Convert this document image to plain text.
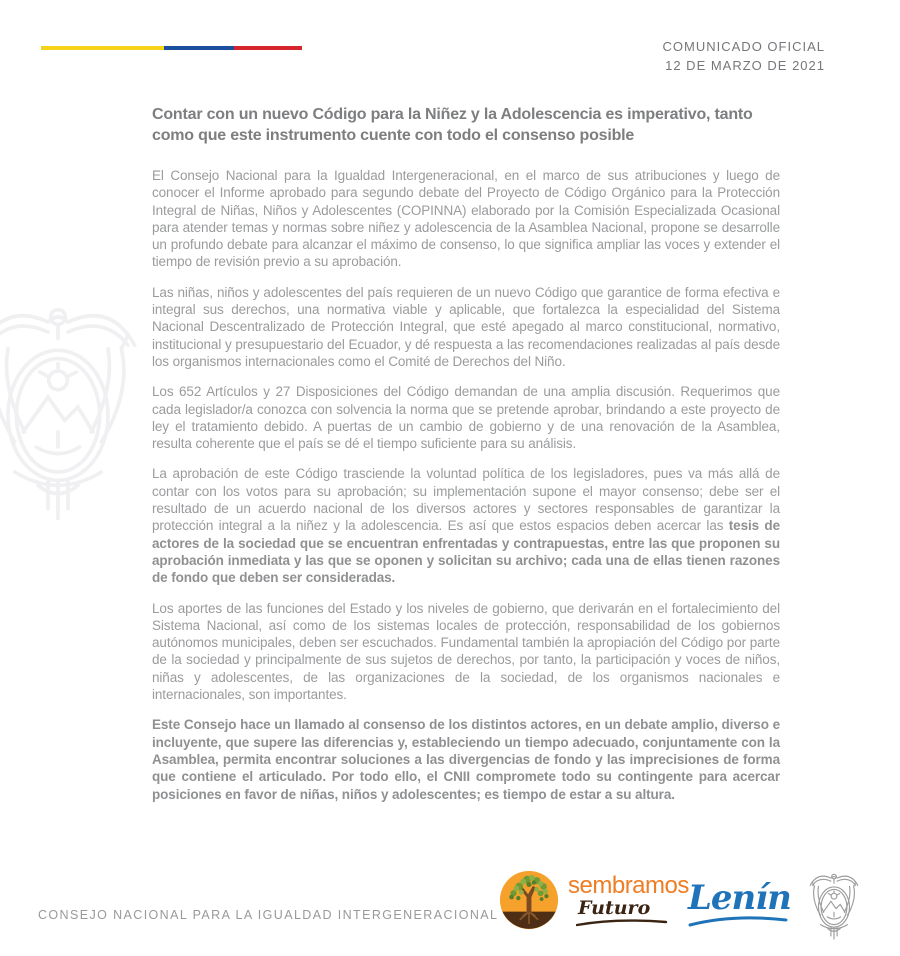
COMUNICADO OFICIAL
12 DE MARZO DE 2021
Contar con un nuevo Código para la Niñez y la Adolescencia es imperativo, tanto como que este instrumento cuente con todo el consenso posible

El Consejo Nacional para la Igualdad Intergeneracional, en el marco de sus atribuciones y luego de conocer el Informe aprobado para segundo debate del Proyecto de Código Orgánico para la Protección Integral de Niñas, Niños y Adolescentes (COPINNA) elaborado por la Comisión Especializada Ocasional para atender temas y normas sobre niñez y adolescencia de la Asamblea Nacional, propone se desarrolle un profundo debate para alcanzar el máximo de consenso, lo que significa ampliar las voces y extender el tiempo de revisión previo a su aprobación.

Las niñas, niños y adolescentes del país requieren de un nuevo Código que garantice de forma efectiva e integral sus derechos, una normativa viable y aplicable, que fortalezca la especialidad del Sistema Nacional Descentralizado de Protección Integral, que esté apegado al marco constitucional, normativo, institucional y presupuestario del Ecuador, y dé respuesta a las recomendaciones realizadas al país desde los organismos internacionales como el Comité de Derechos del Niño.

Los 652 Artículos y 27 Disposiciones del Código demandan de una amplia discusión. Requerimos que cada legislador/a conozca con solvencia la norma que se pretende aprobar, brindando a este proyecto de ley el tratamiento debido. A puertas de un cambio de gobierno y de una renovación de la Asamblea, resulta coherente que el país se dé el tiempo suficiente para su análisis.

La aprobación de este Código trasciende la voluntad política de los legisladores, pues va más allá de contar con los votos para su aprobación; su implementación supone el mayor consenso; debe ser el resultado de un acuerdo nacional de los diversos actores y sectores responsables de garantizar la protección integral a la niñez y la adolescencia. Es así que estos espacios deben acercar las tesis de actores de la sociedad que se encuentran enfrentadas y contrapuestas, entre las que proponen su aprobación inmediata y las que se oponen y solicitan su archivo; cada una de ellas tienen razones de fondo que deben ser consideradas.

Los aportes de las funciones del Estado y los niveles de gobierno, que derivarán en el fortalecimiento del Sistema Nacional, así como de los sistemas locales de protección, responsabilidad de los gobiernos autónomos municipales, deben ser escuchados. Fundamental también la apropiación del Código por parte de la sociedad y principalmente de sus sujetos de derechos, por tanto, la participación y voces de niños, niñas y adolescentes, de las organizaciones de la sociedad, de los organismos nacionales e internacionales, son importantes.

Este Consejo hace un llamado al consenso de los distintos actores, en un debate amplio, diverso e incluyente, que supere las diferencias y, estableciendo un tiempo adecuado, conjuntamente con la Asamblea, permita encontrar soluciones a las divergencias de fondo y las imprecisiones de forma que contiene el articulado. Por todo ello, el CNII compromete todo su contingente para acercar posiciones en favor de niñas, niños y adolescentes; es tiempo de estar a su altura.

CONSEJO NACIONAL PARA LA IGUALDAD INTERGENERACIONAL
sembramos
Futuro	Lenín
